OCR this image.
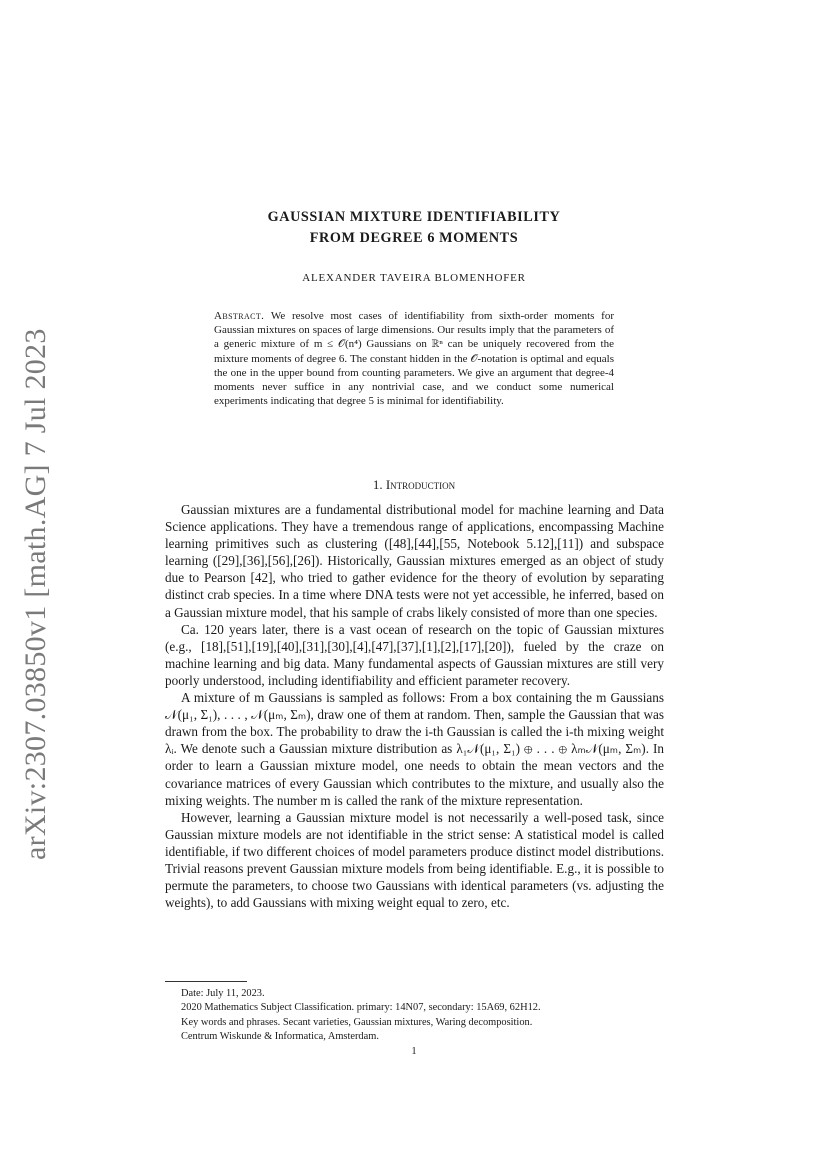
arXiv:2307.03850v1 [math.AG] 7 Jul 2023
GAUSSIAN MIXTURE IDENTIFIABILITY
FROM DEGREE 6 MOMENTS
ALEXANDER TAVEIRA BLOMENHOFER
Abstract. We resolve most cases of identifiability from sixth-order moments for Gaussian mixtures on spaces of large dimensions. Our results imply that the parameters of a generic mixture of m ≤ 𝒪(n⁴) Gaussians on ℝⁿ can be uniquely recovered from the mixture moments of degree 6. The constant hidden in the 𝒪-notation is optimal and equals the one in the upper bound from counting parameters. We give an argument that degree-4 moments never suffice in any nontrivial case, and we conduct some numerical experiments indicating that degree 5 is minimal for identifiability.
1. Introduction

Gaussian mixtures are a fundamental distributional model for machine learning and Data Science applications. They have a tremendous range of applications, encompassing Machine learning primitives such as clustering ([48],[44],[55, Notebook 5.12],[11]) and subspace learning ([29],[36],[56],[26]). Historically, Gaussian mixtures emerged as an object of study due to Pearson [42], who tried to gather evidence for the theory of evolution by separating distinct crab species. In a time where DNA tests were not yet accessible, he inferred, based on a Gaussian mixture model, that his sample of crabs likely consisted of more than one species.

Ca. 120 years later, there is a vast ocean of research on the topic of Gaussian mixtures (e.g., [18],[51],[19],[40],[31],[30],[4],[47],[37],[1],[2],[17],[20]), fueled by the craze on machine learning and big data. Many fundamental aspects of Gaussian mixtures are still very poorly understood, including identifiability and efficient parameter recovery.

A mixture of m Gaussians is sampled as follows: From a box containing the m Gaussians 𝒩(μ₁, Σ₁), . . . , 𝒩(μₘ, Σₘ), draw one of them at random. Then, sample the Gaussian that was drawn from the box. The probability to draw the i-th Gaussian is called the i-th mixing weight λᵢ. We denote such a Gaussian mixture distribution as λ₁𝒩(μ₁, Σ₁) ⊕ . . . ⊕ λₘ𝒩(μₘ, Σₘ). In order to learn a Gaussian mixture model, one needs to obtain the mean vectors and the covariance matrices of every Gaussian which contributes to the mixture, and usually also the mixing weights. The number m is called the rank of the mixture representation.

However, learning a Gaussian mixture model is not necessarily a well-posed task, since Gaussian mixture models are not identifiable in the strict sense: A statistical model is called identifiable, if two different choices of model parameters produce distinct model distributions. Trivial reasons prevent Gaussian mixture models from being identifiable. E.g., it is possible to permute the parameters, to choose two Gaussians with identical parameters (vs. adjusting the weights), to add Gaussians with mixing weight equal to zero, etc.

Date: July 11, 2023.
2020 Mathematics Subject Classification. primary: 14N07, secondary: 15A69, 62H12.
Key words and phrases. Secant varieties, Gaussian mixtures, Waring decomposition.
Centrum Wiskunde & Informatica, Amsterdam.
1
